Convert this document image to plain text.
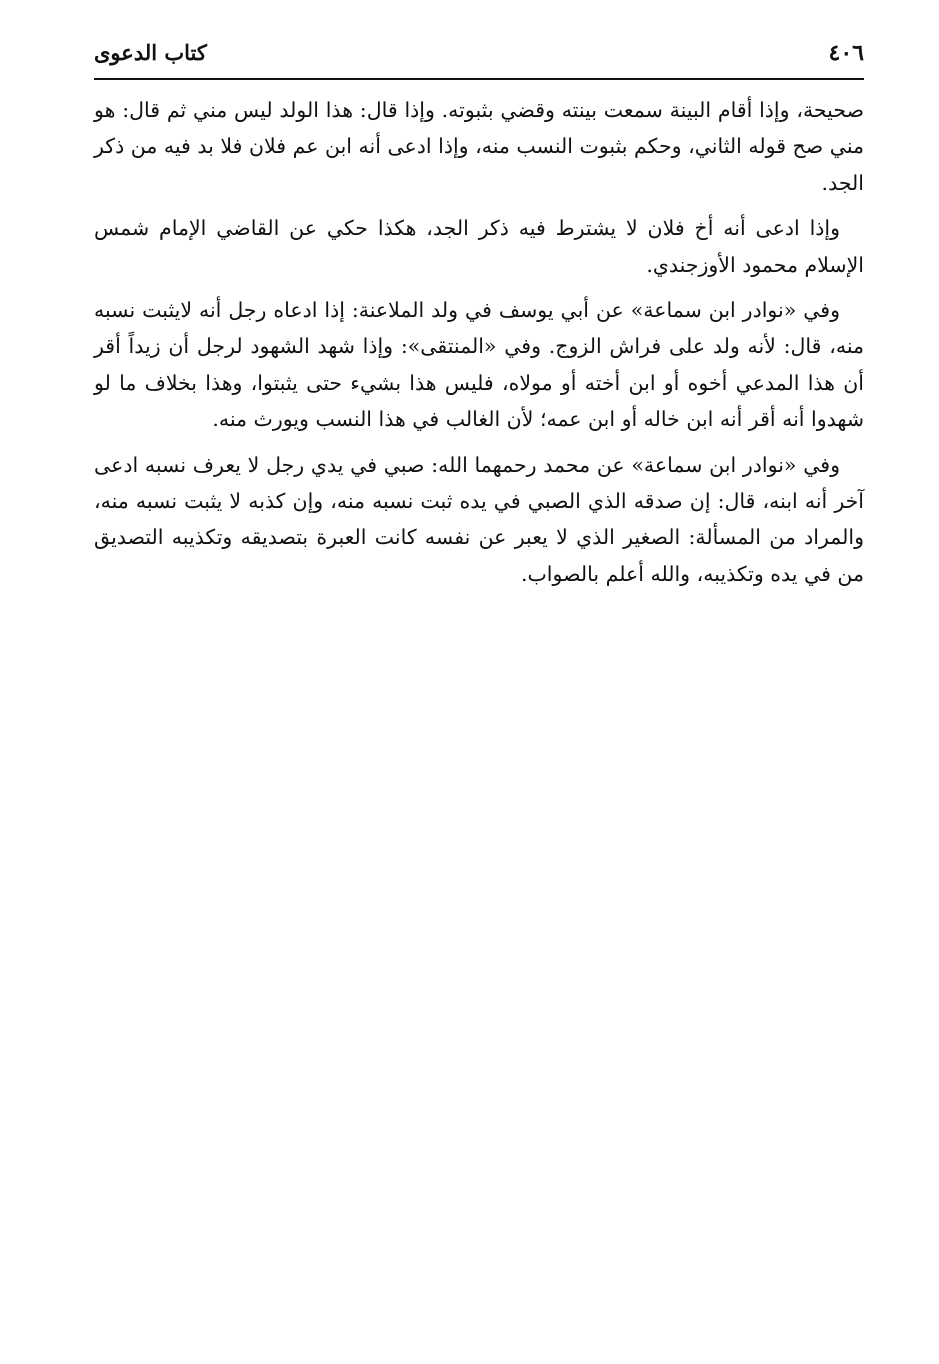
٤٠٦
كتاب الدعوى

صحيحة، وإذا أقام البينة سمعت بينته وقضي بثبوته. وإذا قال: هذا الولد ليس مني ثم قال: هو مني صح قوله الثاني، وحكم بثبوت النسب منه، وإذا ادعى أنه ابن عم فلان فلا بد فيه من ذكر الجد.

وإذا ادعى أنه أخ فلان لا يشترط فيه ذكر الجد، هكذا حكي عن القاضي الإمام شمس الإسلام محمود الأوزجندي.

وفي «نوادر ابن سماعة» عن أبي يوسف في ولد الملاعنة: إذا ادعاه رجل أنه لايثبت نسبه منه، قال: لأنه ولد على فراش الزوج. وفي «المنتقى»: وإذا شهد الشهود لرجل أن زيداً أقر أن هذا المدعي أخوه أو ابن أخته أو مولاه، فليس هذا بشيء حتى يثبتوا، وهذا بخلاف ما لو شهدوا أنه أقر أنه ابن خاله أو ابن عمه؛ لأن الغالب في هذا النسب ويورث منه.

وفي «نوادر ابن سماعة» عن محمد رحمهما الله: صبي في يدي رجل لا يعرف نسبه ادعى آخر أنه ابنه، قال: إن صدقه الذي الصبي في يده ثبت نسبه منه، وإن كذبه لا يثبت نسبه منه، والمراد من المسألة: الصغير الذي لا يعبر عن نفسه كانت العبرة بتصديقه وتكذيبه التصديق من في يده وتكذيبه، والله أعلم بالصواب.
